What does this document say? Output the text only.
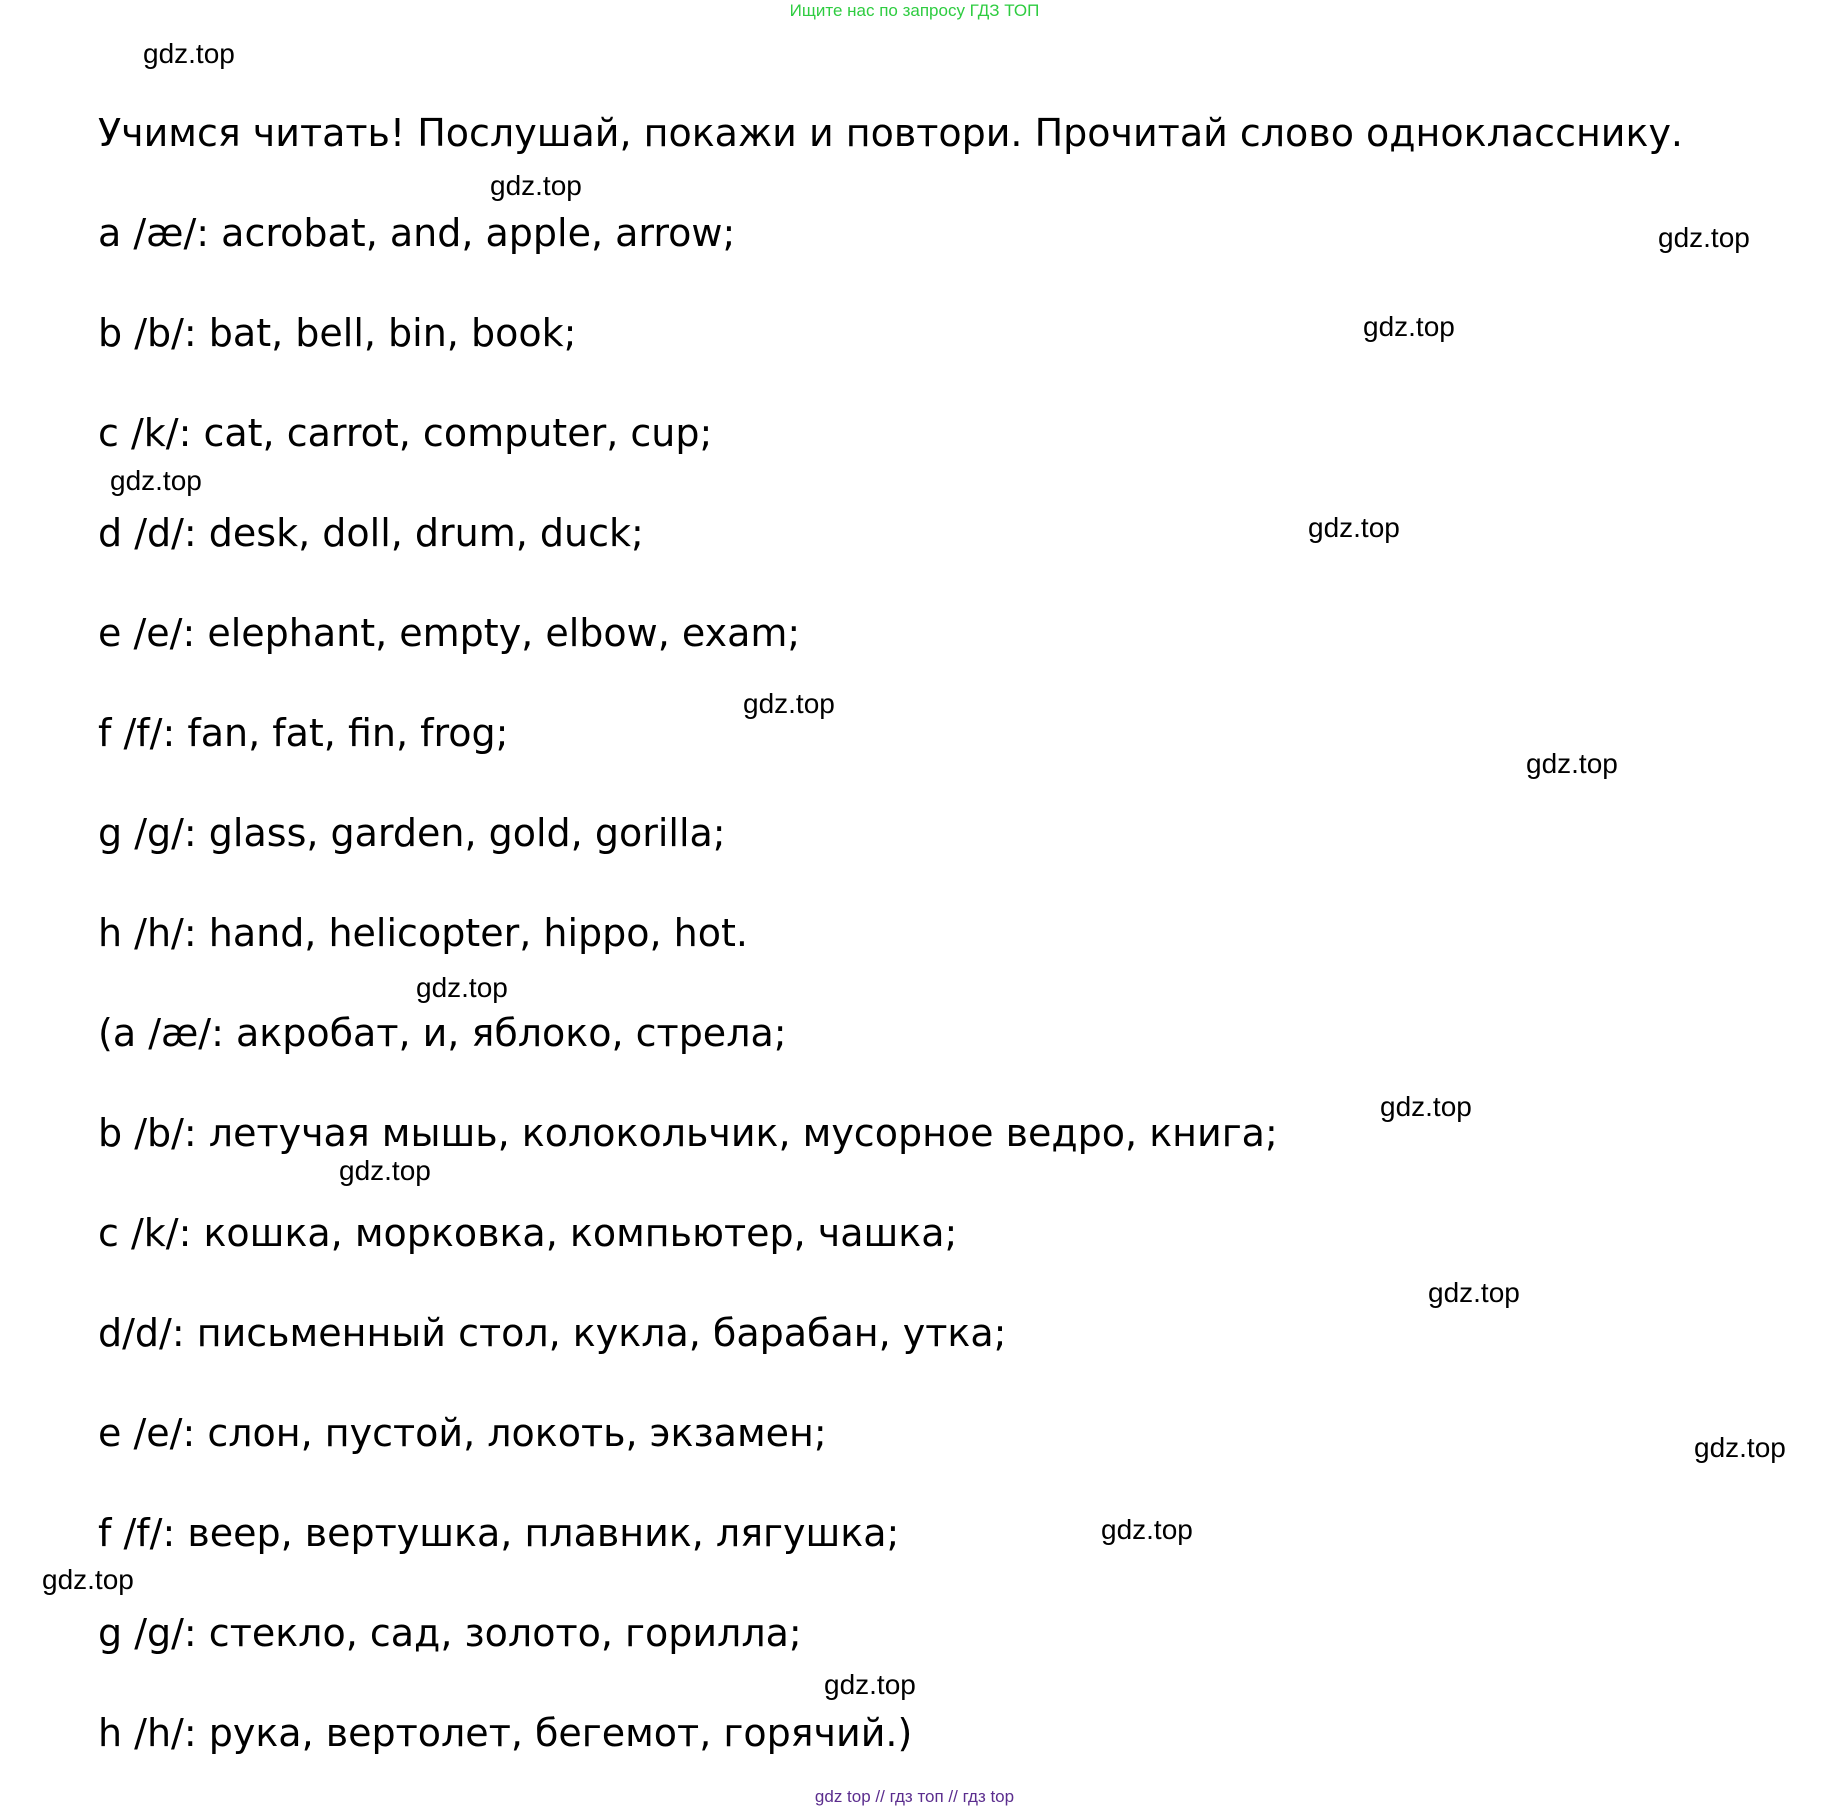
Ищите нас по запросу ГДЗ ТОП
Учимся читать! Послушай, покажи и повтори. Прочитай слово однокласснику.
a /æ/: acrobat, and, apple, arrow;
b /b/: bat, bell, bin, book;
c /k/: cat, carrot, computer, cup;
d /d/: desk, doll, drum, duck;
e /e/: elephant, empty, elbow, exam;
f /f/: fan, fat, fin, frog;
g /g/: glass, garden, gold, gorilla;
h /h/: hand, helicopter, hippo, hot.
(a /æ/: акробат, и, яблоко, стрела;
b /b/: летучая мышь, колокольчик, мусорное ведро, книга;
c /k/: кошка, морковка, компьютер, чашка;
d/d/: письменный стол, кукла, барабан, утка;
e /e/: слон, пустой, локоть, экзамен;
f /f/: веер, вертушка, плавник, лягушка;
g /g/: стекло, сад, золото, горилла;
h /h/: рука, вертолет, бегемот, горячий.)
gdz.top
gdz.top
gdz.top
gdz.top
gdz.top
gdz.top
gdz.top
gdz.top
gdz.top
gdz.top
gdz.top
gdz.top
gdz.top
gdz.top
gdz.top
gdz.top
gdz top // гдз топ // гдз top
